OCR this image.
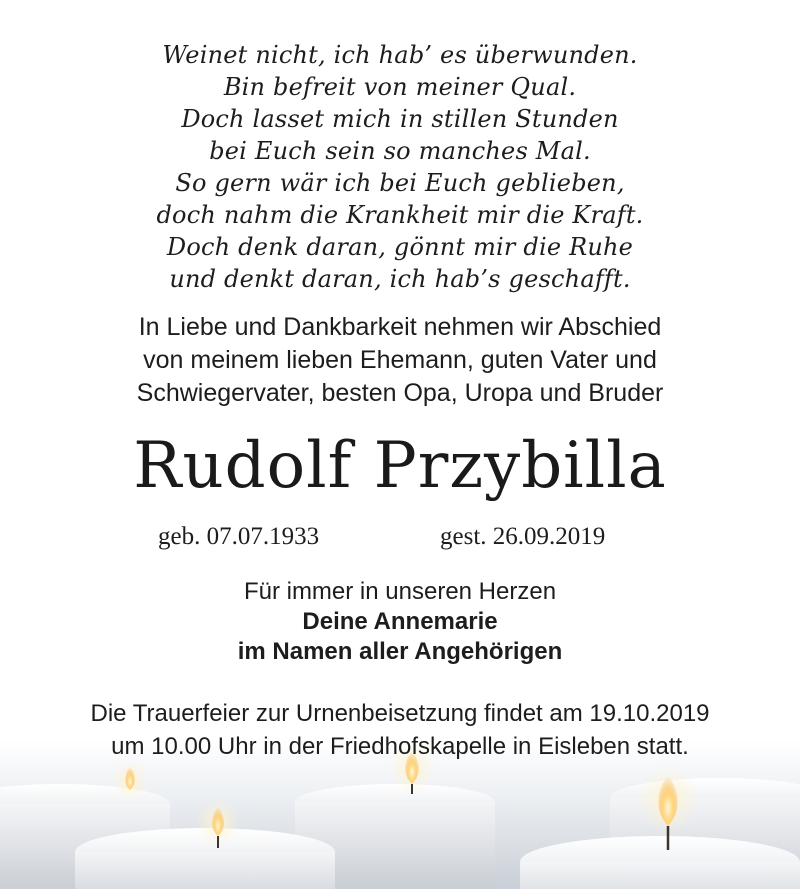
Weinet nicht, ich hab’ es überwunden.
Bin befreit von meiner Qual.
Doch lasset mich in stillen Stunden
bei Euch sein so manches Mal.
So gern wär ich bei Euch geblieben,
doch nahm die Krankheit mir die Kraft.
Doch denk daran, gönnt mir die Ruhe
und denkt daran, ich hab’s geschafft.
In Liebe und Dankbarkeit nehmen wir Abschied
von meinem lieben Ehemann, guten Vater und
Schwiegervater, besten Opa, Uropa und Bruder
Rudolf Przybilla
geb. 07.07.1933	gest. 26.09.2019
Für immer in unseren Herzen
Deine Annemarie
im Namen aller Angehörigen
Die Trauerfeier zur Urnenbeisetzung findet am 19.10.2019
um 10.00 Uhr in der Friedhofskapelle in Eisleben statt.
